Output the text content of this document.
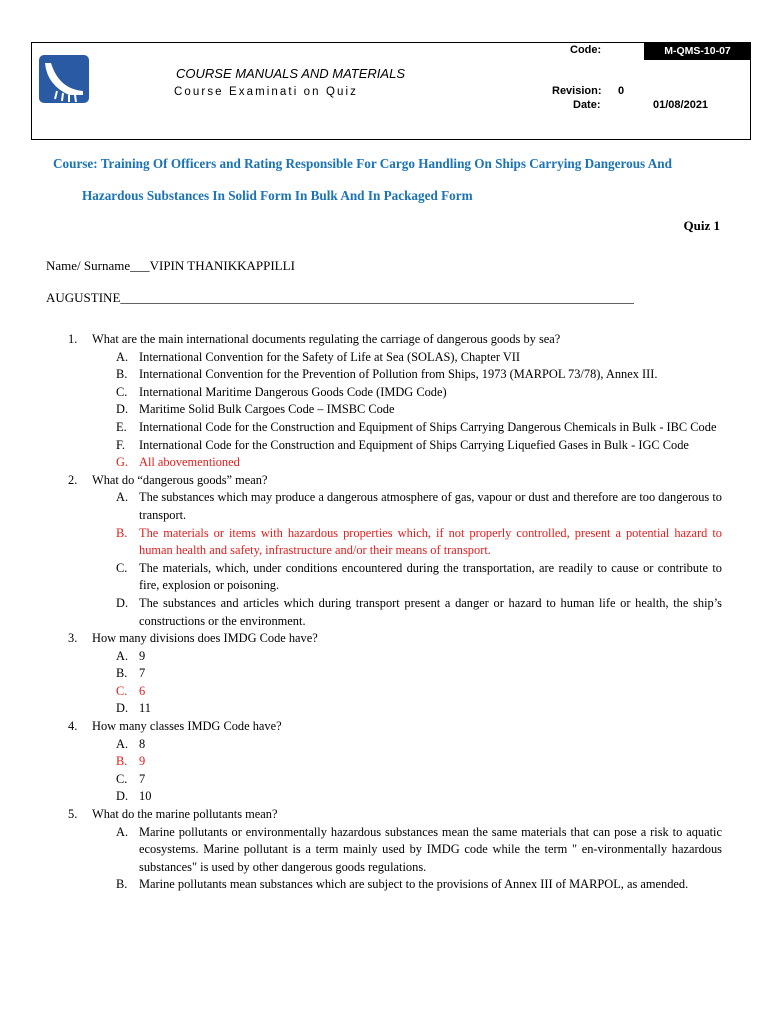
COURSE MANUALS AND MATERIALS
Course Examinati on Quiz
Code:	M-QMS-10-07
Revision: 0
Date:	01/08/2021
Course: Training Of Officers and Rating Responsible For Cargo Handling On Ships Carrying Dangerous And
Hazardous Substances In Solid Form In Bulk And In Packaged Form
Quiz 1
Name/ Surname___VIPIN THANIKKAPPILLI
AUGUSTINE_______________________________________________________________________________
1. What are the main international documents regulating the carriage of dangerous goods by sea?
A. International Convention for the Safety of Life at Sea (SOLAS), Chapter VII
B. International Convention for the Prevention of Pollution from Ships, 1973 (MARPOL 73/78), Annex III.
C. International Maritime Dangerous Goods Code (IMDG Code)
D. Maritime Solid Bulk Cargoes Code – IMSBC Code
E. International Code for the Construction and Equipment of Ships Carrying Dangerous Chemicals in Bulk - IBC Code
F. International Code for the Construction and Equipment of Ships Carrying Liquefied Gases in Bulk - IGC Code
G. All abovementioned
2. What do “dangerous goods” mean?
A. The substances which may produce a dangerous atmosphere of gas, vapour or dust and therefore are too dangerous to transport.
B. The materials or items with hazardous properties which, if not properly controlled, present a potential hazard to human health and safety, infrastructure and/or their means of transport.
C. The materials, which, under conditions encountered during the transportation, are readily to cause or contribute to fire, explosion or poisoning.
D. The substances and articles which during transport present a danger or hazard to human life or health, the ship’s constructions or the environment.
3. How many divisions does IMDG Code have?
A. 9
B. 7
C. 6
D. 11
4. How many classes IMDG Code have?
A. 8
B. 9
C. 7
D. 10
5. What do the marine pollutants mean?
A. Marine pollutants or environmentally hazardous substances mean the same materials that can pose a risk to aquatic ecosystems. Marine pollutant is a term mainly used by IMDG code while the term " en-vironmentally hazardous substances" is used by other dangerous goods regulations.
B. Marine pollutants mean substances which are subject to the provisions of Annex III of MARPOL, as amended.
